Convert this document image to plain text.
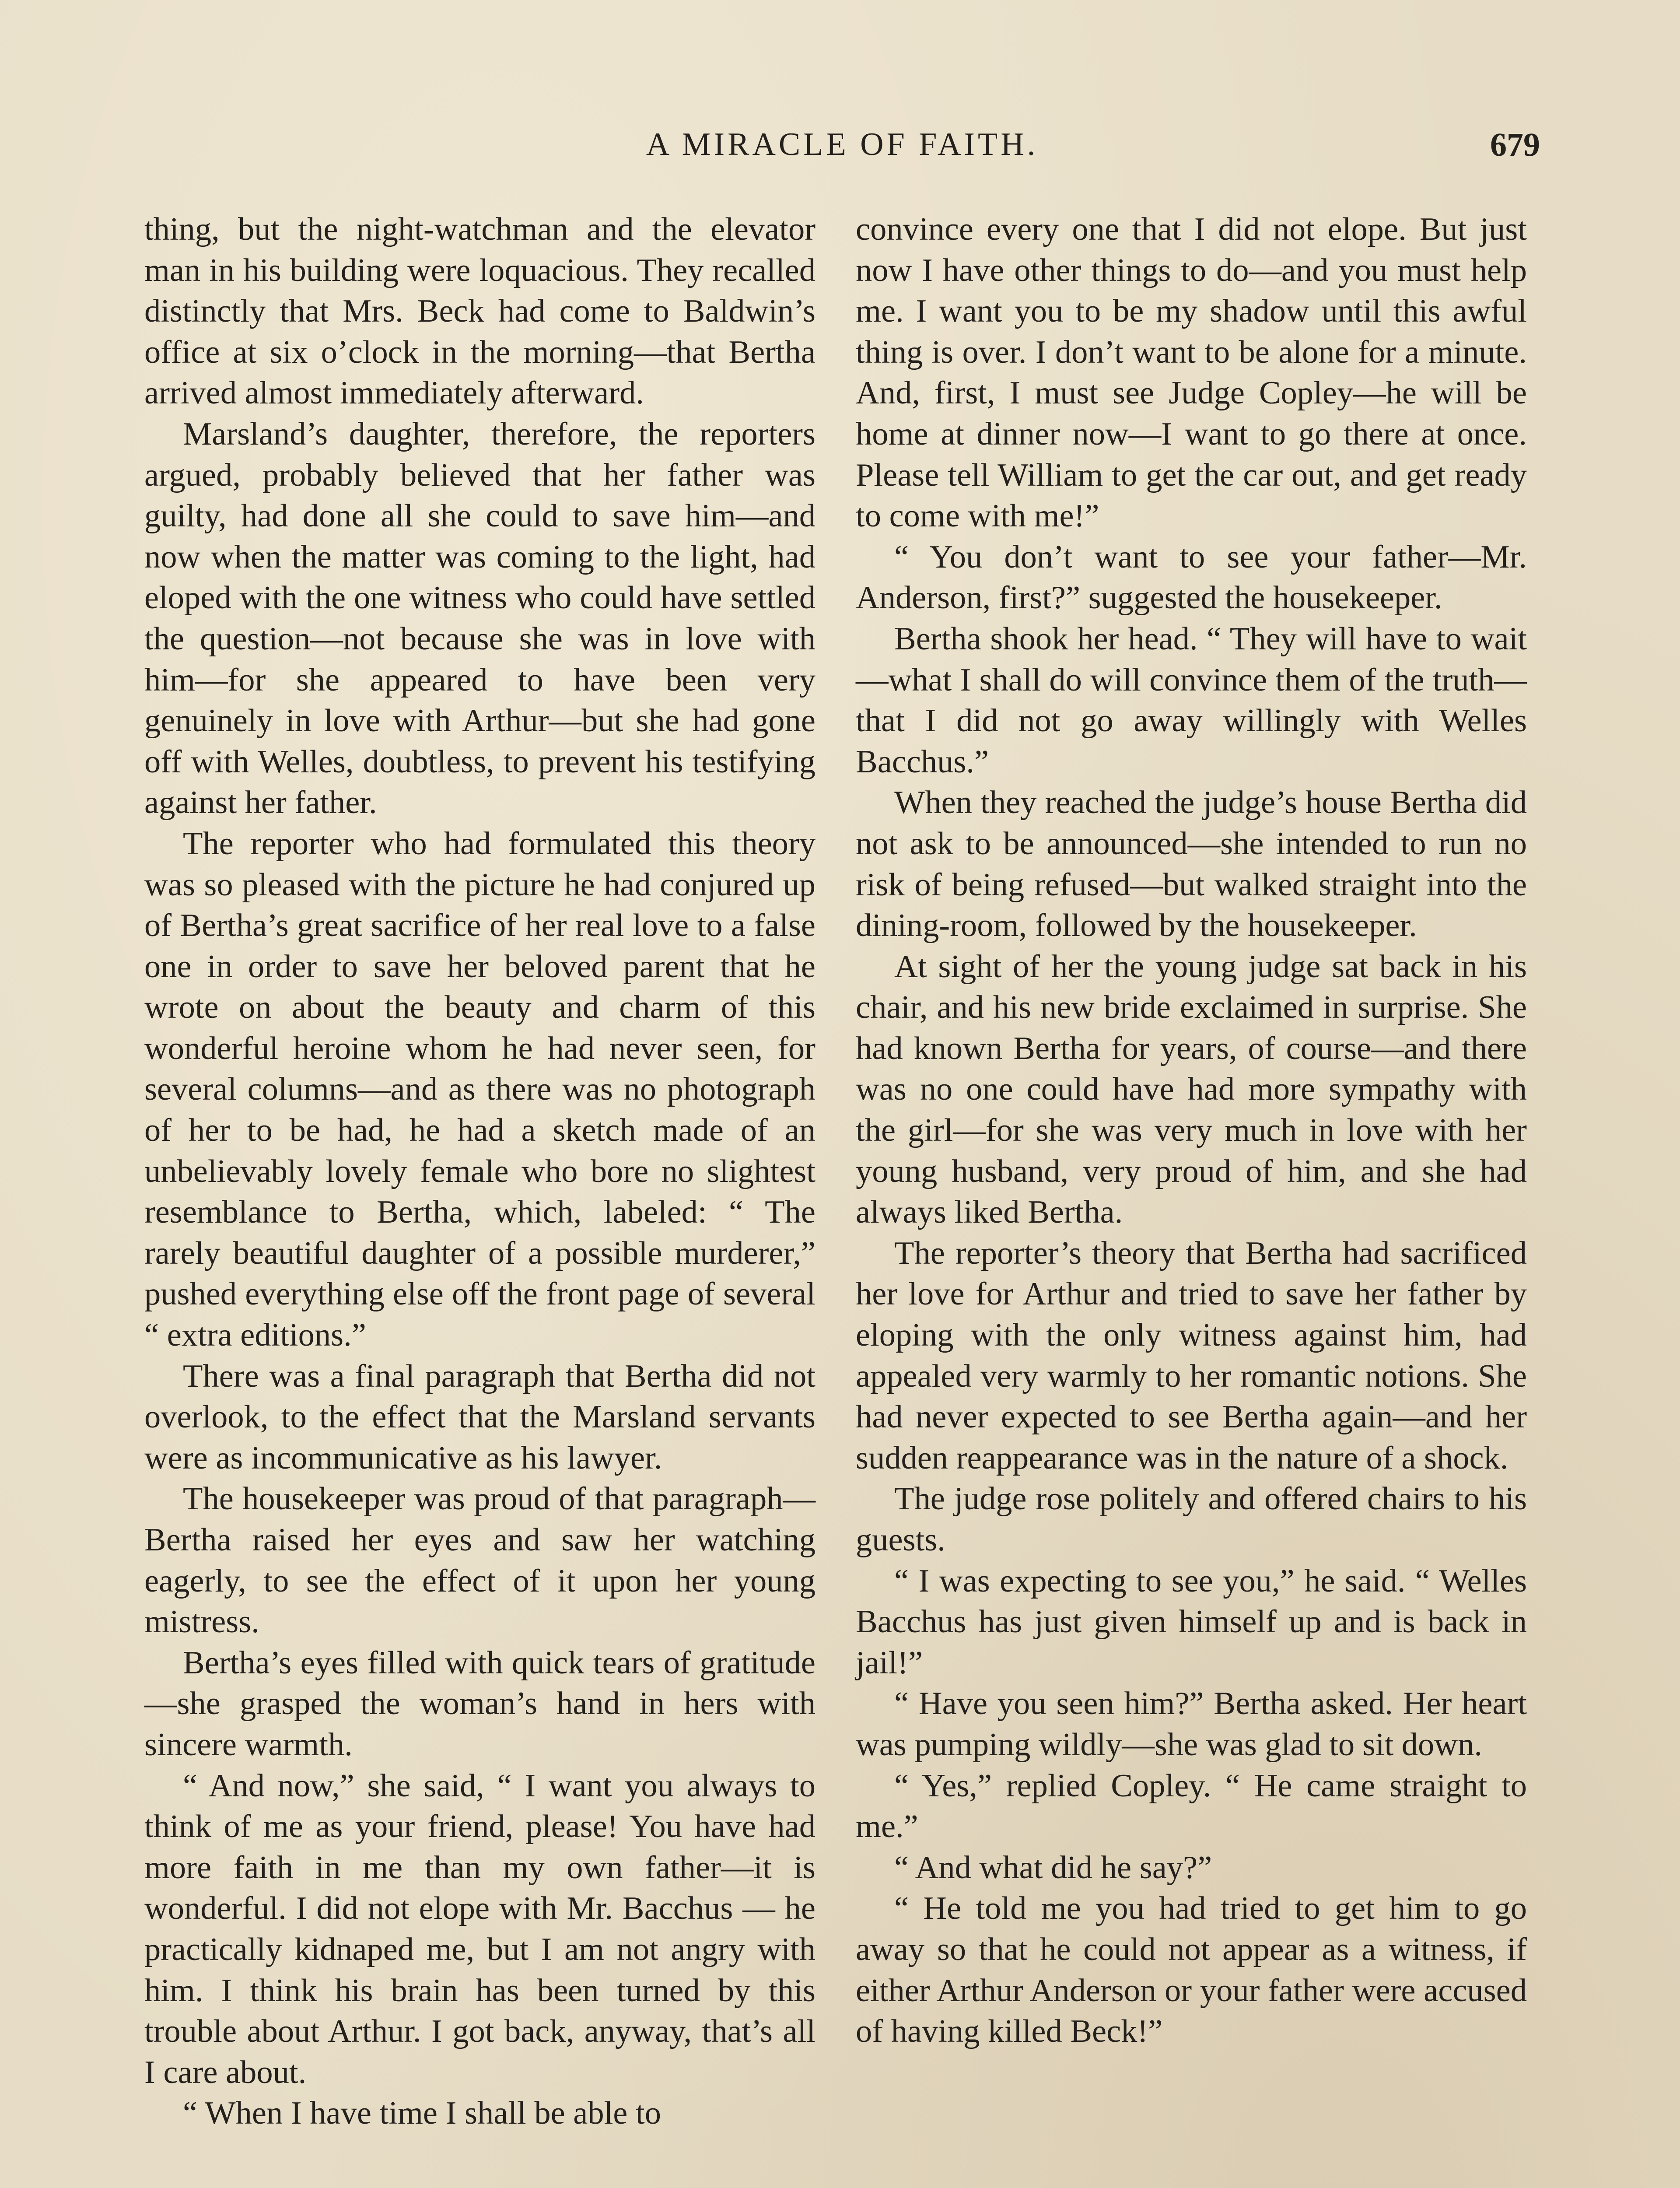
A MIRACLE OF FAITH.	679

thing, but the night-watchman and the elevator man in his building were loquacious. They recalled distinctly that Mrs. Beck had come to Baldwin’s office at six o’clock in the morning—that Bertha arrived almost immediately afterward.

Marsland’s daughter, therefore, the reporters argued, probably believed that her father was guilty, had done all she could to save him—and now when the matter was coming to the light, had eloped with the one witness who could have settled the question—not because she was in love with him—for she appeared to have been very genuinely in love with Arthur—but she had gone off with Welles, doubtless, to prevent his testifying against her father.

The reporter who had formulated this theory was so pleased with the picture he had conjured up of Bertha’s great sacrifice of her real love to a false one in order to save her beloved parent that he wrote on about the beauty and charm of this wonderful heroine whom he had never seen, for several columns—and as there was no photograph of her to be had, he had a sketch made of an unbelievably lovely female who bore no slightest resemblance to Bertha, which, labeled: “ The rarely beautiful daughter of a possible murderer,” pushed everything else off the front page of several “ extra editions.”

There was a final paragraph that Bertha did not overlook, to the effect that the Marsland servants were as incommunicative as his lawyer.

The housekeeper was proud of that paragraph—Bertha raised her eyes and saw her watching eagerly, to see the effect of it upon her young mistress.

Bertha’s eyes filled with quick tears of gratitude—she grasped the woman’s hand in hers with sincere warmth.

“ And now,” she said, “ I want you always to think of me as your friend, please! You have had more faith in me than my own father—it is wonderful. I did not elope with Mr. Bacchus — he practically kidnaped me, but I am not angry with him. I think his brain has been turned by this trouble about Arthur. I got back, anyway, that’s all I care about.

“ When I have time I shall be able to

convince every one that I did not elope. But just now I have other things to do—and you must help me. I want you to be my shadow until this awful thing is over. I don’t want to be alone for a minute. And, first, I must see Judge Copley—he will be home at dinner now—I want to go there at once. Please tell William to get the car out, and get ready to come with me!”

“ You don’t want to see your father—Mr. Anderson, first?” suggested the housekeeper.

Bertha shook her head. “ They will have to wait—what I shall do will convince them of the truth—that I did not go away willingly with Welles Bacchus.”

When they reached the judge’s house Bertha did not ask to be announced—she intended to run no risk of being refused—but walked straight into the dining-room, followed by the housekeeper.

At sight of her the young judge sat back in his chair, and his new bride exclaimed in surprise. She had known Bertha for years, of course—and there was no one could have had more sympathy with the girl—for she was very much in love with her young husband, very proud of him, and she had always liked Bertha.

The reporter’s theory that Bertha had sacrificed her love for Arthur and tried to save her father by eloping with the only witness against him, had appealed very warmly to her romantic notions. She had never expected to see Bertha again—and her sudden reappearance was in the nature of a shock.

The judge rose politely and offered chairs to his guests.

“ I was expecting to see you,” he said. “ Welles Bacchus has just given himself up and is back in jail!”

“ Have you seen him?” Bertha asked. Her heart was pumping wildly—she was glad to sit down.

“ Yes,” replied Copley. “ He came straight to me.”

“ And what did he say?”

“ He told me you had tried to get him to go away so that he could not appear as a witness, if either Arthur Anderson or your father were accused of having killed Beck!”
